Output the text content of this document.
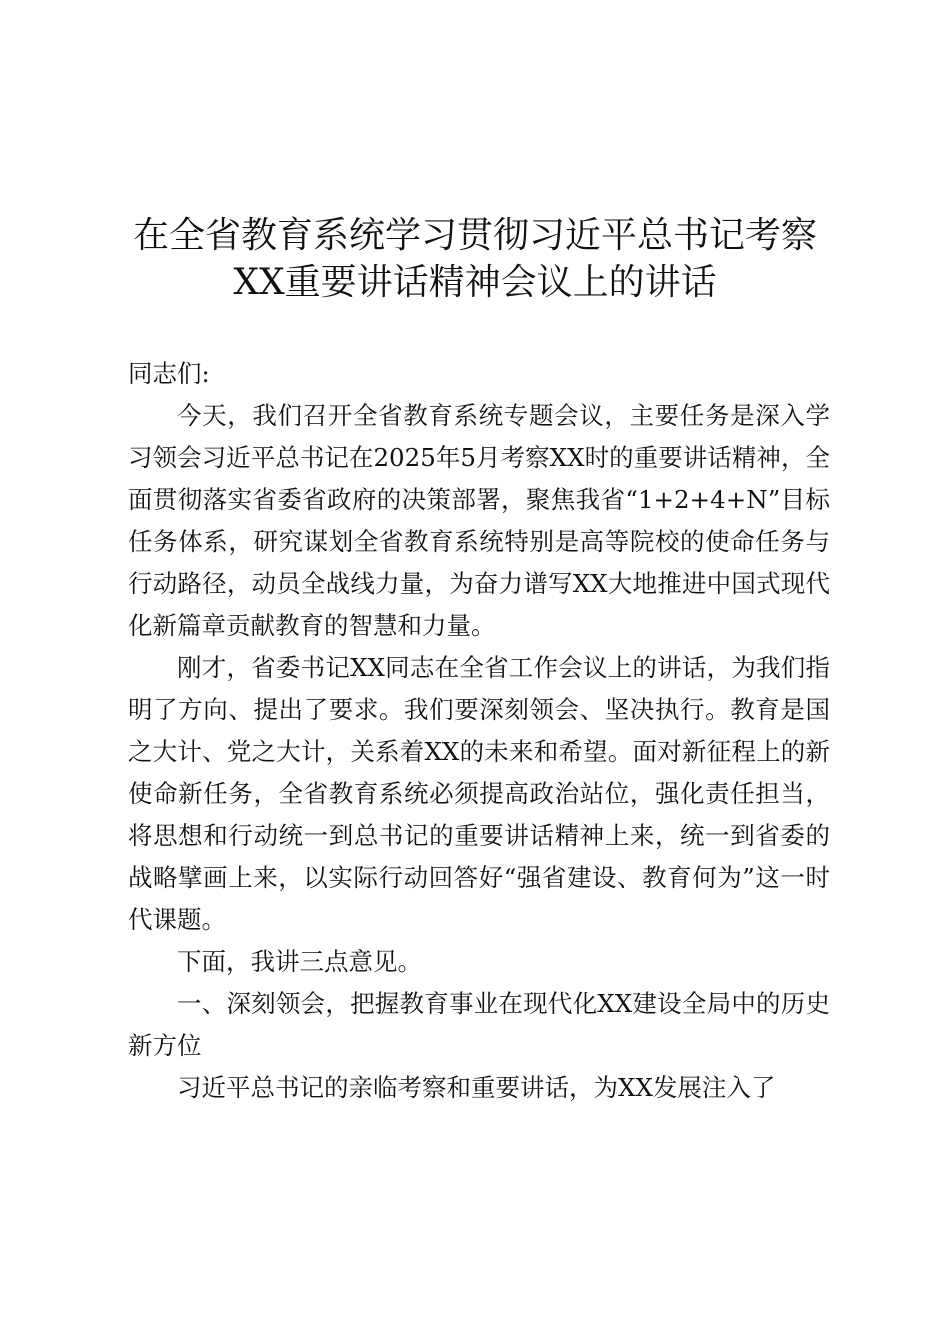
在全省教育系统学习贯彻习近平总书记考察
XX重要讲话精神会议上的讲话

同志们:

今天，我们召开全省教育系统专题会议，主要任务是深入学习领会习近平总书记在2025年5月考察XX时的重要讲话精神，全面贯彻落实省委省政府的决策部署，聚焦我省“1+2+4+N”目标任务体系，研究谋划全省教育系统特别是高等院校的使命任务与行动路径，动员全战线力量，为奋力谱写XX大地推进中国式现代化新篇章贡献教育的智慧和力量。

刚才，省委书记XX同志在全省工作会议上的讲话，为我们指明了方向、提出了要求。我们要深刻领会、坚决执行。教育是国之大计、党之大计，关系着XX的未来和希望。面对新征程上的新使命新任务，全省教育系统必须提高政治站位，强化责任担当，将思想和行动统一到总书记的重要讲话精神上来，统一到省委的战略擘画上来，以实际行动回答好“强省建设、教育何为”这一时代课题。

下面，我讲三点意见。

一、深刻领会，把握教育事业在现代化XX建设全局中的历史新方位

习近平总书记的亲临考察和重要讲话，为XX发展注入了
